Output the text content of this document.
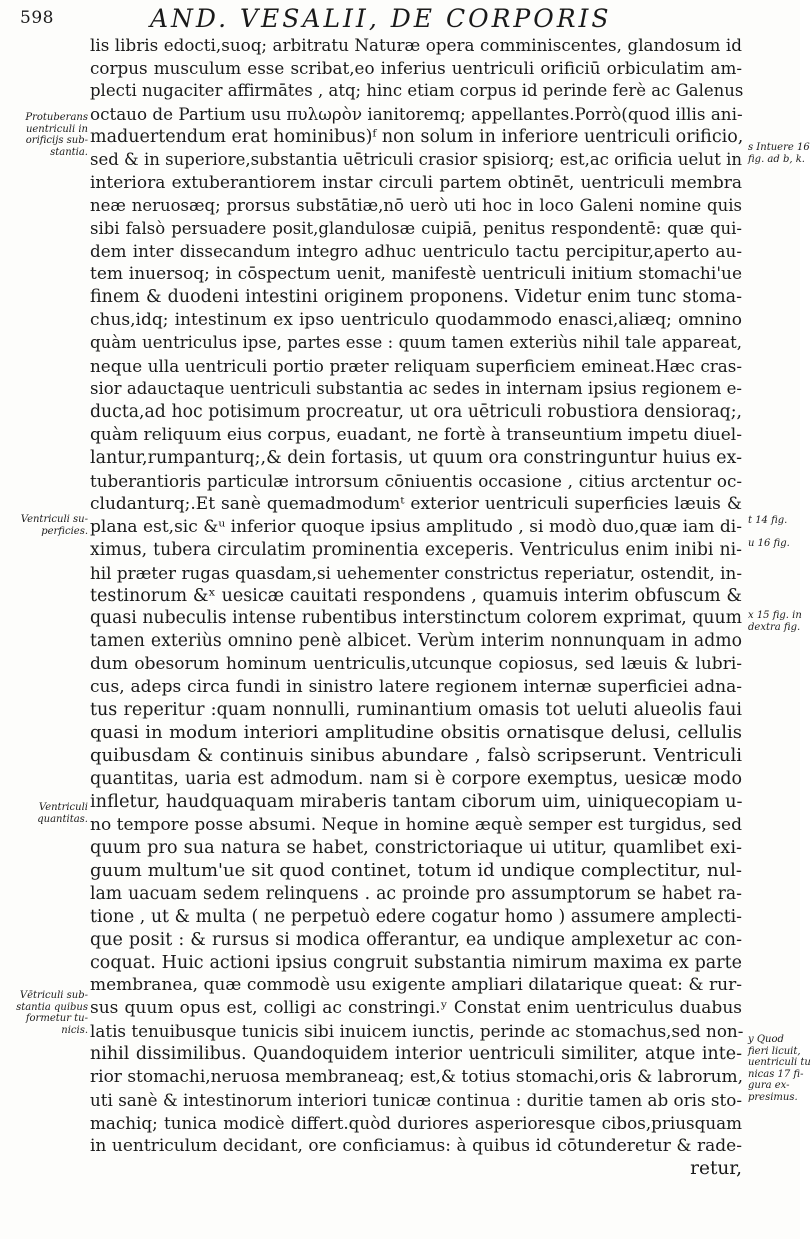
598	AND. VESALII, DE CORPORIS
lis libris edocti,suoq; arbitratu Naturæ opera comminiscentes, glandosum id
corpus musculum esse scribat,eo inferius uentriculi orificiū orbiculatim am-
plecti nugaciter affirmātes , atq; hinc etiam corpus id perinde ferè ac Galenus
octauo de Partium usu πυλωρὸν ianitoremq; appellantes.Porrò(quod illis ani-
maduertendum erat hominibus)ᶠ non solum in inferiore uentriculi orificio,
sed & in superiore,substantia uētriculi crasior spisiorq; est,ac orificia uelut in
interiora extuberantiorem instar circuli partem obtinēt, uentriculi membra
neæ neruosæq; prorsus substātiæ,nō uerò uti hoc in loco Galeni nomine quis
sibi falsò persuadere posit,glandulosæ cuipiā, penitus respondentē: quæ qui-
dem inter dissecandum integro adhuc uentriculo tactu percipitur,aperto au-
tem inuersoq; in cōspectum uenit, manifestè uentriculi initium stomachi'ue
finem & duodeni intestini originem proponens. Videtur enim tunc stoma-
chus,idq; intestinum ex ipso uentriculo quodammodo enasci,aliæq; omnino
quàm uentriculus ipse, partes esse : quum tamen exteriùs nihil tale appareat,
neque ulla uentriculi portio præter reliquam superficiem emineat.Hæc cras-
sior adauctaque uentriculi substantia ac sedes in internam ipsius regionem e-
ducta,ad hoc potisimum procreatur, ut ora uētriculi robustiora densioraq;,
quàm reliquum eius corpus, euadant, ne fortè à transeuntium impetu diuel-
lantur,rumpanturq;,& dein fortasis, ut quum ora constringuntur huius ex-
tuberantioris particulæ introrsum cōniuentis occasione , citius arctentur oc-
cludanturq;.Et sanè quemadmodumᵗ exterior uentriculi superficies læuis &
plana est,sic &ᵘ inferior quoque ipsius amplitudo , si modò duo,quæ iam di-
ximus, tubera circulatim prominentia exceperis. Ventriculus enim inibi ni-
hil præter rugas quasdam,si uehementer constrictus reperiatur, ostendit, in-
testinorum &ˣ uesicæ cauitati respondens , quamuis interim obfuscum &
quasi nubeculis intense rubentibus interstinctum colorem exprimat, quum
tamen exteriùs omnino penè albicet. Verùm interim nonnunquam in admo
dum obesorum hominum uentriculis,utcunque copiosus, sed læuis & lubri-
cus, adeps circa fundi in sinistro latere regionem internæ superficiei adna-
tus reperitur :quam nonnulli, ruminantium omasis tot ueluti alueolis faui
quasi in modum interiori amplitudine obsitis ornatisque delusi, cellulis
quibusdam & continuis sinibus abundare , falsò scripserunt. Ventriculi
quantitas, uaria est admodum. nam si è corpore exemptus, uesicæ modo
infletur, haudquaquam miraberis tantam ciborum uim, uiniquecopiam u-
no tempore posse absumi. Neque in homine æquè semper est turgidus, sed
quum pro sua natura se habet, constrictoriaque ui utitur, quamlibet exi-
guum multum'ue sit quod continet, totum id undique complectitur, nul-
lam uacuam sedem relinquens . ac proinde pro assumptorum se habet ra-
tione , ut & multa ( ne perpetuò edere cogatur homo ) assumere amplecti-
que posit : & rursus si modica offerantur, ea undique amplexetur ac con-
coquat. Huic actioni ipsius congruit substantia nimirum maxima ex parte
membranea, quæ commodè usu exigente ampliari dilatarique queat: & rur-
sus quum opus est, colligi ac constringi.ʸ Constat enim uentriculus duabus
latis tenuibusque tunicis sibi inuicem iunctis, perinde ac stomachus,sed non-
nihil dissimilibus. Quandoquidem interior uentriculi similiter, atque inte-
rior stomachi,neruosa membraneaq; est,& totius stomachi,oris & labrorum,
uti sanè & intestinorum interiori tunicæ continua : duritie tamen ab oris sto-
machiq; tunica modicè differt.quòd duriores asperioresque cibos,priusquam
in uentriculum decidant, ore conficiamus: à quibus id cōtunderetur & rade-
retur,
Protuberans
uentriculi in
orificijs sub-
stantia.
Ventriculi su-
perficies.
Ventriculi
quantitas.
Vētriculi sub-
stantia quibus
formetur tu-
nicis.
s Intuere 16
fig. ad b, k.
t 14 fig.
u 16 fig.
x 15 fig. in
dextra fig.
y Quod
fieri licuit,
uentriculi tu
nicas 17 fi-
gura ex-
presimus.
